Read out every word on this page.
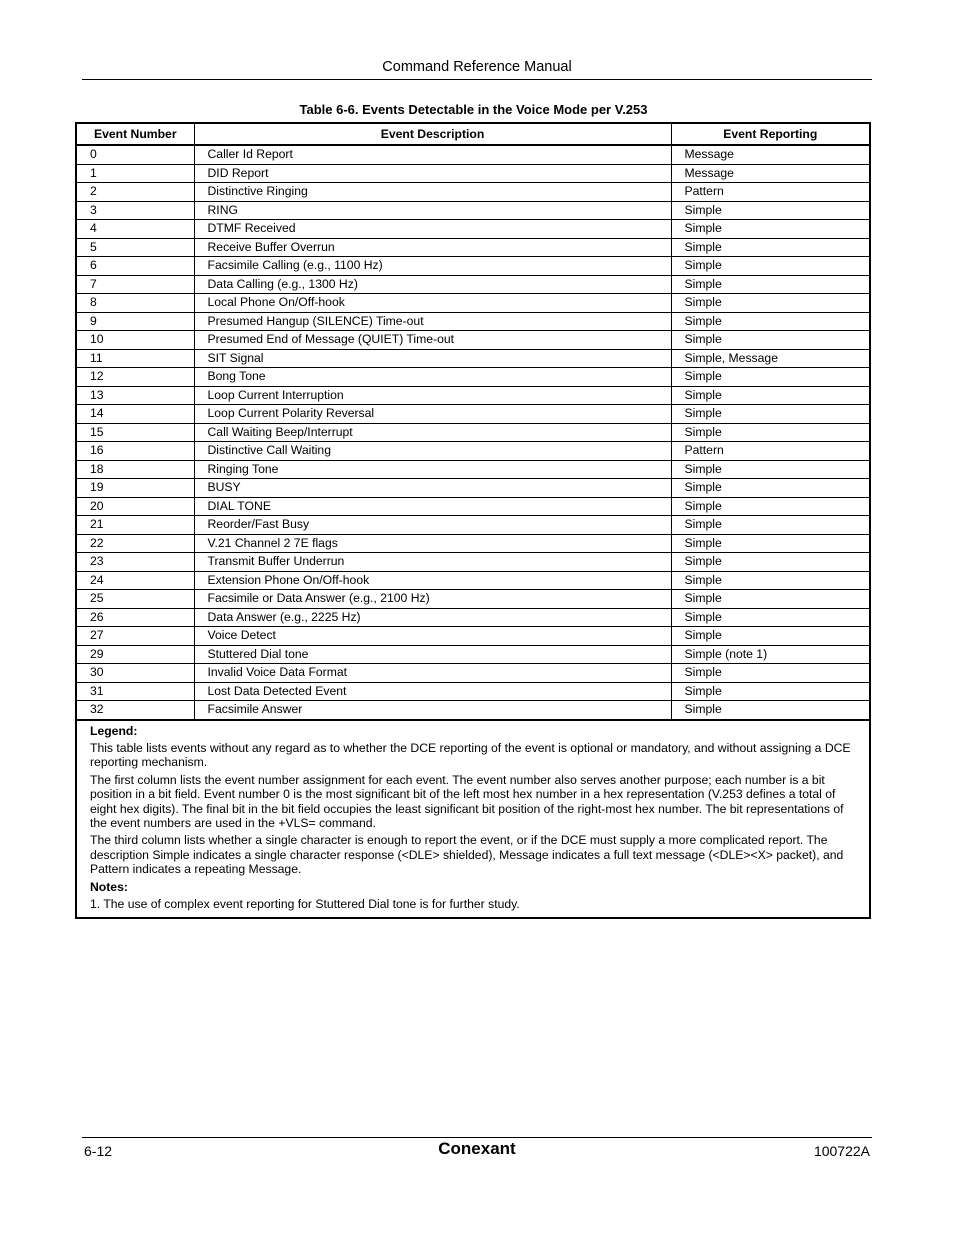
Command Reference Manual
Table 6-6. Events Detectable in the Voice Mode per V.253
Event Number	Event Description	Event Reporting
0	Caller Id Report	Message
1	DID Report	Message
2	Distinctive Ringing	Pattern
3	RING	Simple
4	DTMF Received	Simple
5	Receive Buffer Overrun	Simple
6	Facsimile Calling (e.g., 1100 Hz)	Simple
7	Data Calling (e.g., 1300 Hz)	Simple
8	Local Phone On/Off-hook	Simple
9	Presumed Hangup (SILENCE) Time-out	Simple
10	Presumed End of Message (QUIET) Time-out	Simple
11	SIT Signal	Simple, Message
12	Bong Tone	Simple
13	Loop Current Interruption	Simple
14	Loop Current Polarity Reversal	Simple
15	Call Waiting Beep/Interrupt	Simple
16	Distinctive Call Waiting	Pattern
18	Ringing Tone	Simple
19	BUSY	Simple
20	DIAL TONE	Simple
21	Reorder/Fast Busy	Simple
22	V.21 Channel 2 7E flags	Simple
23	Transmit Buffer Underrun	Simple
24	Extension Phone On/Off-hook	Simple
25	Facsimile or Data Answer (e.g., 2100 Hz)	Simple
26	Data Answer (e.g., 2225 Hz)	Simple
27	Voice Detect	Simple
29	Stuttered Dial tone	Simple (note 1)
30	Invalid Voice Data Format	Simple
31	Lost Data Detected Event	Simple
32	Facsimile Answer	Simple

Legend:

This table lists events without any regard as to whether the DCE reporting of the event is optional or mandatory, and without assigning a DCE reporting mechanism.

The first column lists the event number assignment for each event. The event number also serves another purpose; each number is a bit position in a bit field. Event number 0 is the most significant bit of the left most hex number in a hex representation (V.253 defines a total of eight hex digits). The final bit in the bit field occupies the least significant bit position of the right-most hex number. The bit representations of the event numbers are used in the +VLS= command.

The third column lists whether a single character is enough to report the event, or if the DCE must supply a more complicated report. The description Simple indicates a single character response (<DLE> shielded), Message indicates a full text message (<DLE><X> packet), and Pattern indicates a repeating Message.

Notes:

1. The use of complex event reporting for Stuttered Dial tone is for further study.

6-12	Conexant	100722A
